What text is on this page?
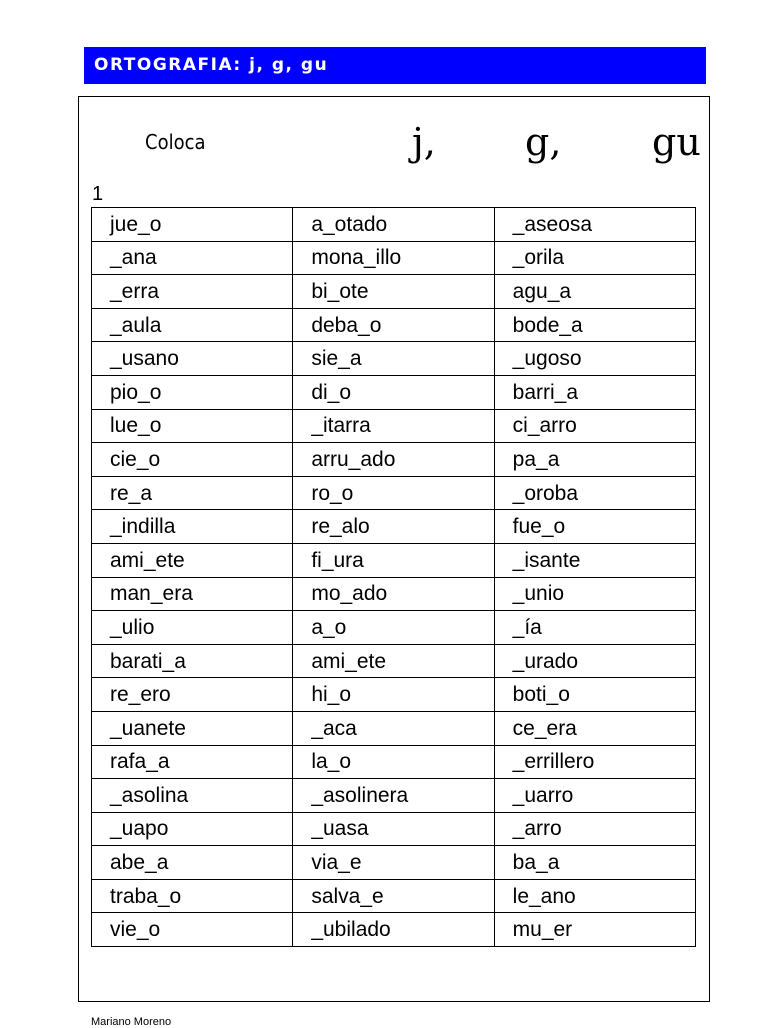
ORTOGRAFIA: j, g, gu
Coloca	j, g, gu
1
jue_o	a_otado	_aseosa
_ana	mona_illo	_orila
_erra	bi_ote	agu_a
_aula	deba_o	bode_a
_usano	sie_a	_ugoso
pio_o	di_o	barri_a
lue_o	_itarra	ci_arro
cie_o	arru_ado	pa_a
re_a	ro_o	_oroba
_indilla	re_alo	fue_o
ami_ete	fi_ura	_isante
man_era	mo_ado	_unio
_ulio	a_o	_ía
barati_a	ami_ete	_urado
re_ero	hi_o	boti_o
_uanete	_aca	ce_era
rafa_a	la_o	_errillero
_asolina	_asolinera	_uarro
_uapo	_uasa	_arro
abe_a	via_e	ba_a
traba_o	salva_e	le_ano
vie_o	_ubilado	mu_er
Mariano Moreno
